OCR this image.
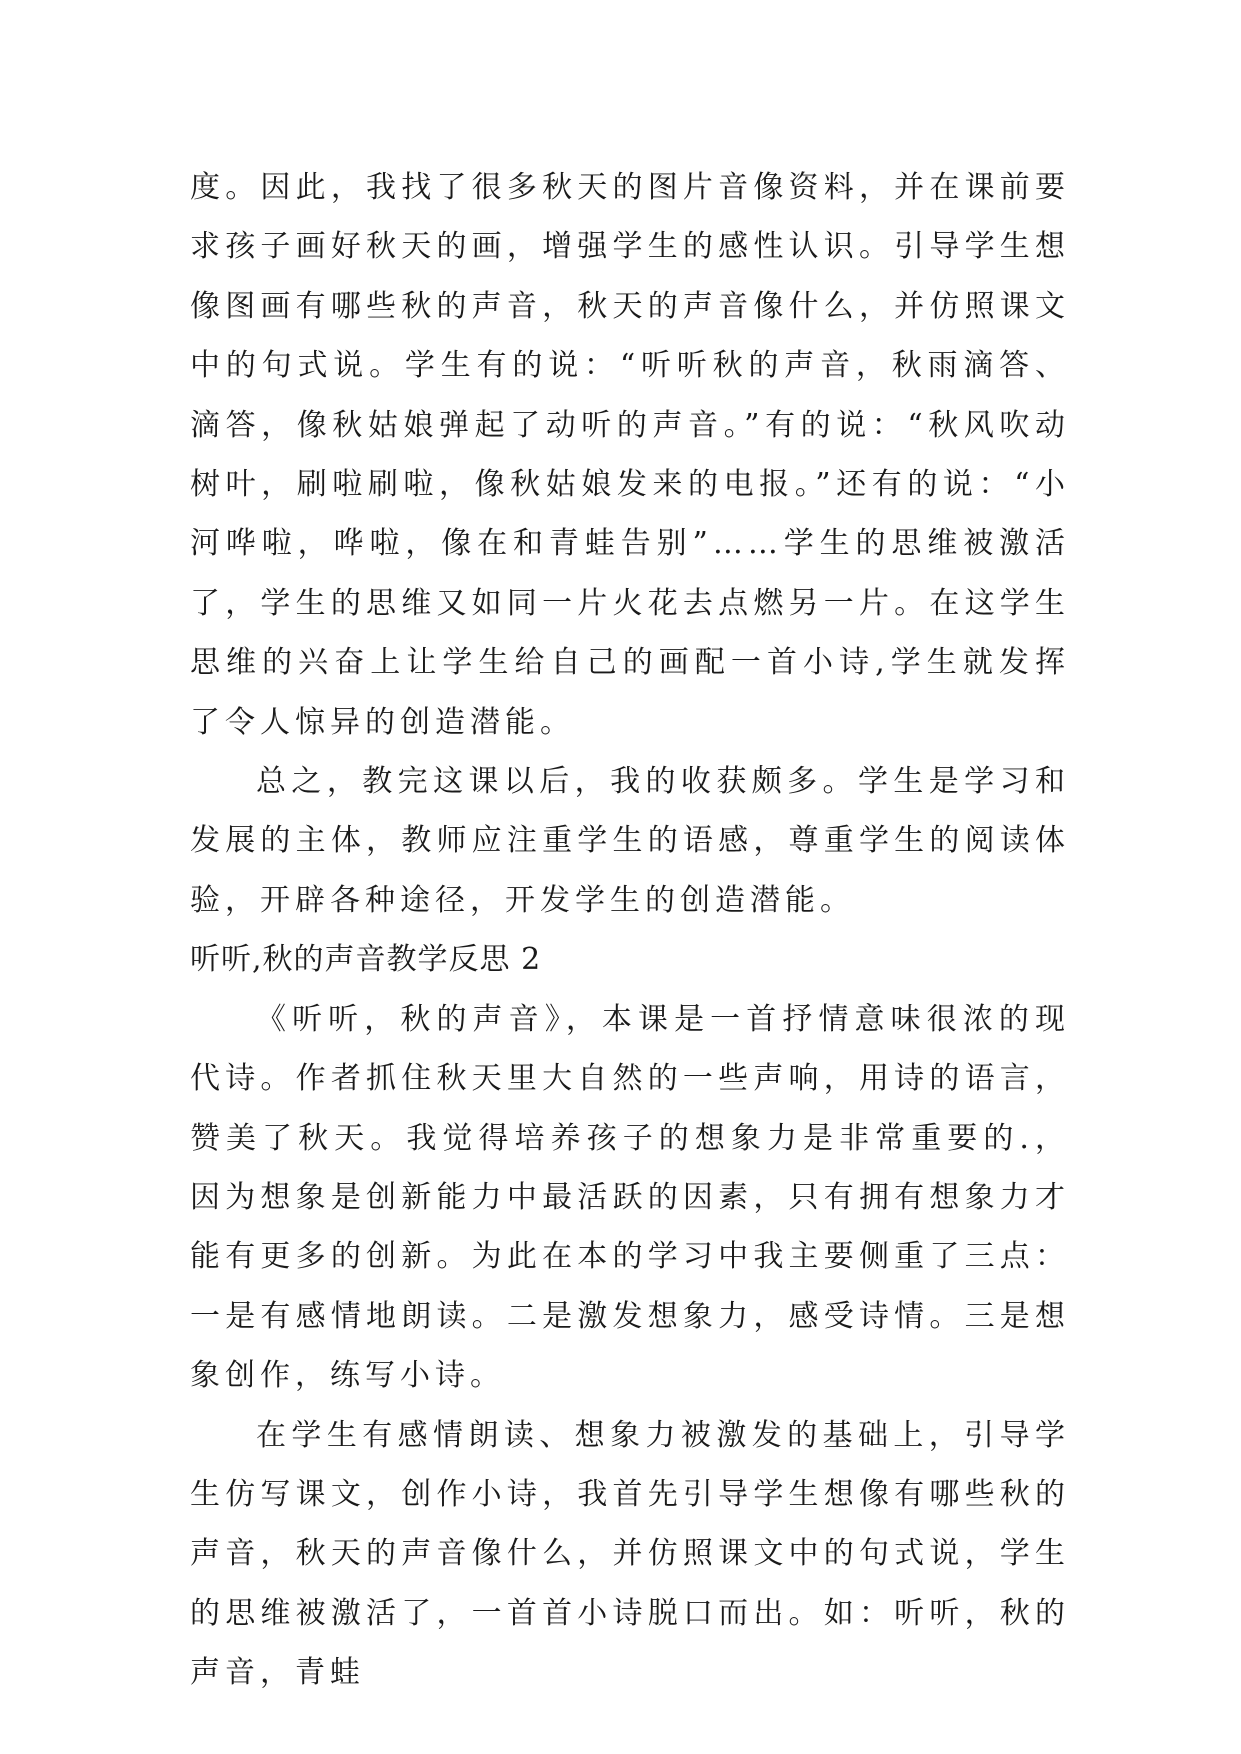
度。因此，我找了很多秋天的图片音像资料，并在课前要求孩子画好秋天的画，增强学生的感性认识。引导学生想像图画有哪些秋的声音，秋天的声音像什么，并仿照课文中的句式说。学生有的说：“听听秋的声音，秋雨滴答、滴答，像秋姑娘弹起了动听的声音。”有的说：“秋风吹动树叶，刷啦刷啦，像秋姑娘发来的电报。”还有的说：“小河哗啦，哗啦，像在和青蛙告别”……学生的思维被激活了，学生的思维又如同一片火花去点燃另一片。在这学生思维的兴奋上让学生给自己的画配一首小诗,学生就发挥了令人惊异的创造潜能。

总之，教完这课以后，我的收获颇多。学生是学习和发展的主体，教师应注重学生的语感，尊重学生的阅读体验，开辟各种途径，开发学生的创造潜能。

听听,秋的声音教学反思 2

《听听，秋的声音》，本课是一首抒情意味很浓的现代诗。作者抓住秋天里大自然的一些声响，用诗的语言，赞美了秋天。我觉得培养孩子的想象力是非常重要的.，因为想象是创新能力中最活跃的因素，只有拥有想象力才能有更多的创新。为此在本的学习中我主要侧重了三点：一是有感情地朗读。二是激发想象力，感受诗情。三是想象创作，练写小诗。

在学生有感情朗读、想象力被激发的基础上，引导学生仿写课文，创作小诗，我首先引导学生想像有哪些秋的声音，秋天的声音像什么，并仿照课文中的句式说，学生的思维被激活了，一首首小诗脱口而出。如：听听，秋的声音，青蛙
